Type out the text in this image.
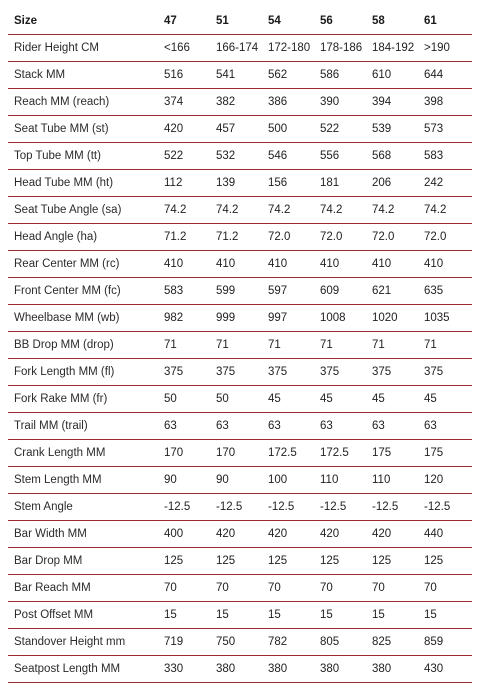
Size	47	51	54	56	58	61
Rider Height CM	<166	166-174	172-180	178-186	184-192	>190
Stack MM	516	541	562	586	610	644
Reach MM (reach)	374	382	386	390	394	398
Seat Tube MM (st)	420	457	500	522	539	573
Top Tube MM (tt)	522	532	546	556	568	583
Head Tube MM (ht)	112	139	156	181	206	242
Seat Tube Angle (sa)	74.2	74.2	74.2	74.2	74.2	74.2
Head Angle (ha)	71.2	71.2	72.0	72.0	72.0	72.0
Rear Center MM (rc)	410	410	410	410	410	410
Front Center MM (fc)	583	599	597	609	621	635
Wheelbase MM (wb)	982	999	997	1008	1020	1035
BB Drop MM (drop)	71	71	71	71	71	71
Fork Length MM (fl)	375	375	375	375	375	375
Fork Rake MM (fr)	50	50	45	45	45	45
Trail MM (trail)	63	63	63	63	63	63
Crank Length MM	170	170	172.5	172.5	175	175
Stem Length MM	90	90	100	110	110	120
Stem Angle	-12.5	-12.5	-12.5	-12.5	-12.5	-12.5
Bar Width MM	400	420	420	420	420	440
Bar Drop MM	125	125	125	125	125	125
Bar Reach MM	70	70	70	70	70	70
Post Offset MM	15	15	15	15	15	15
Standover Height mm	719	750	782	805	825	859
Seatpost Length MM	330	380	380	380	380	430
